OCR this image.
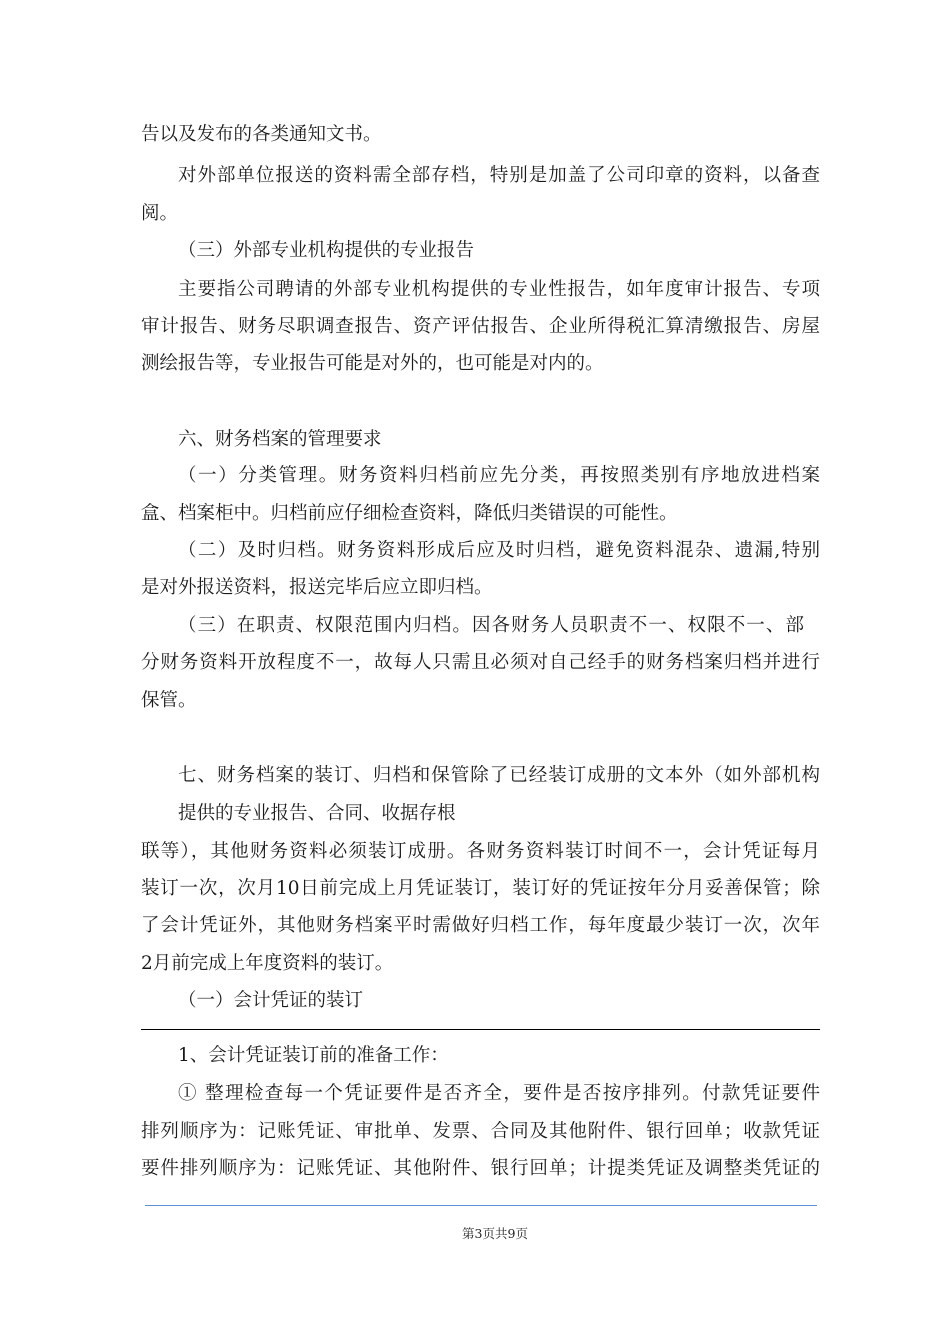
告以及发布的各类通知文书。
对外部单位报送的资料需全部存档，特别是加盖了公司印章的资料，以备查
阅。
（三）外部专业机构提供的专业报告
主要指公司聘请的外部专业机构提供的专业性报告，如年度审计报告、专项
审计报告、财务尽职调查报告、资产评估报告、企业所得税汇算清缴报告、房屋
测绘报告等，专业报告可能是对外的，也可能是对内的。
六、财务档案的管理要求
（一）分类管理。财务资料归档前应先分类，再按照类别有序地放进档案
盒、档案柜中。归档前应仔细检查资料，降低归类错误的可能性。
（二）及时归档。财务资料形成后应及时归档，避免资料混杂、遗漏,特别
是对外报送资料，报送完毕后应立即归档。
（三）在职责、权限范围内归档。因各财务人员职责不一、权限不一、部
分财务资料开放程度不一，故每人只需且必须对自己经手的财务档案归档并进行
保管。
七、财务档案的装订、归档和保管除了已经装订成册的文本外（如外部机构
提供的专业报告、合同、收据存根
联等），其他财务资料必须装订成册。各财务资料装订时间不一，会计凭证每月
装订一次，次月10日前完成上月凭证装订，装订好的凭证按年分月妥善保管；除
了会计凭证外，其他财务档案平时需做好归档工作，每年度最少装订一次，次年
2月前完成上年度资料的装订。
（一）会计凭证的装订
1、会计凭证装订前的准备工作：
① 整理检查每一个凭证要件是否齐全，要件是否按序排列。付款凭证要件
排列顺序为：记账凭证、审批单、发票、合同及其他附件、银行回单；收款凭证
要件排列顺序为：记账凭证、其他附件、银行回单；计提类凭证及调整类凭证的
第3页共9页
